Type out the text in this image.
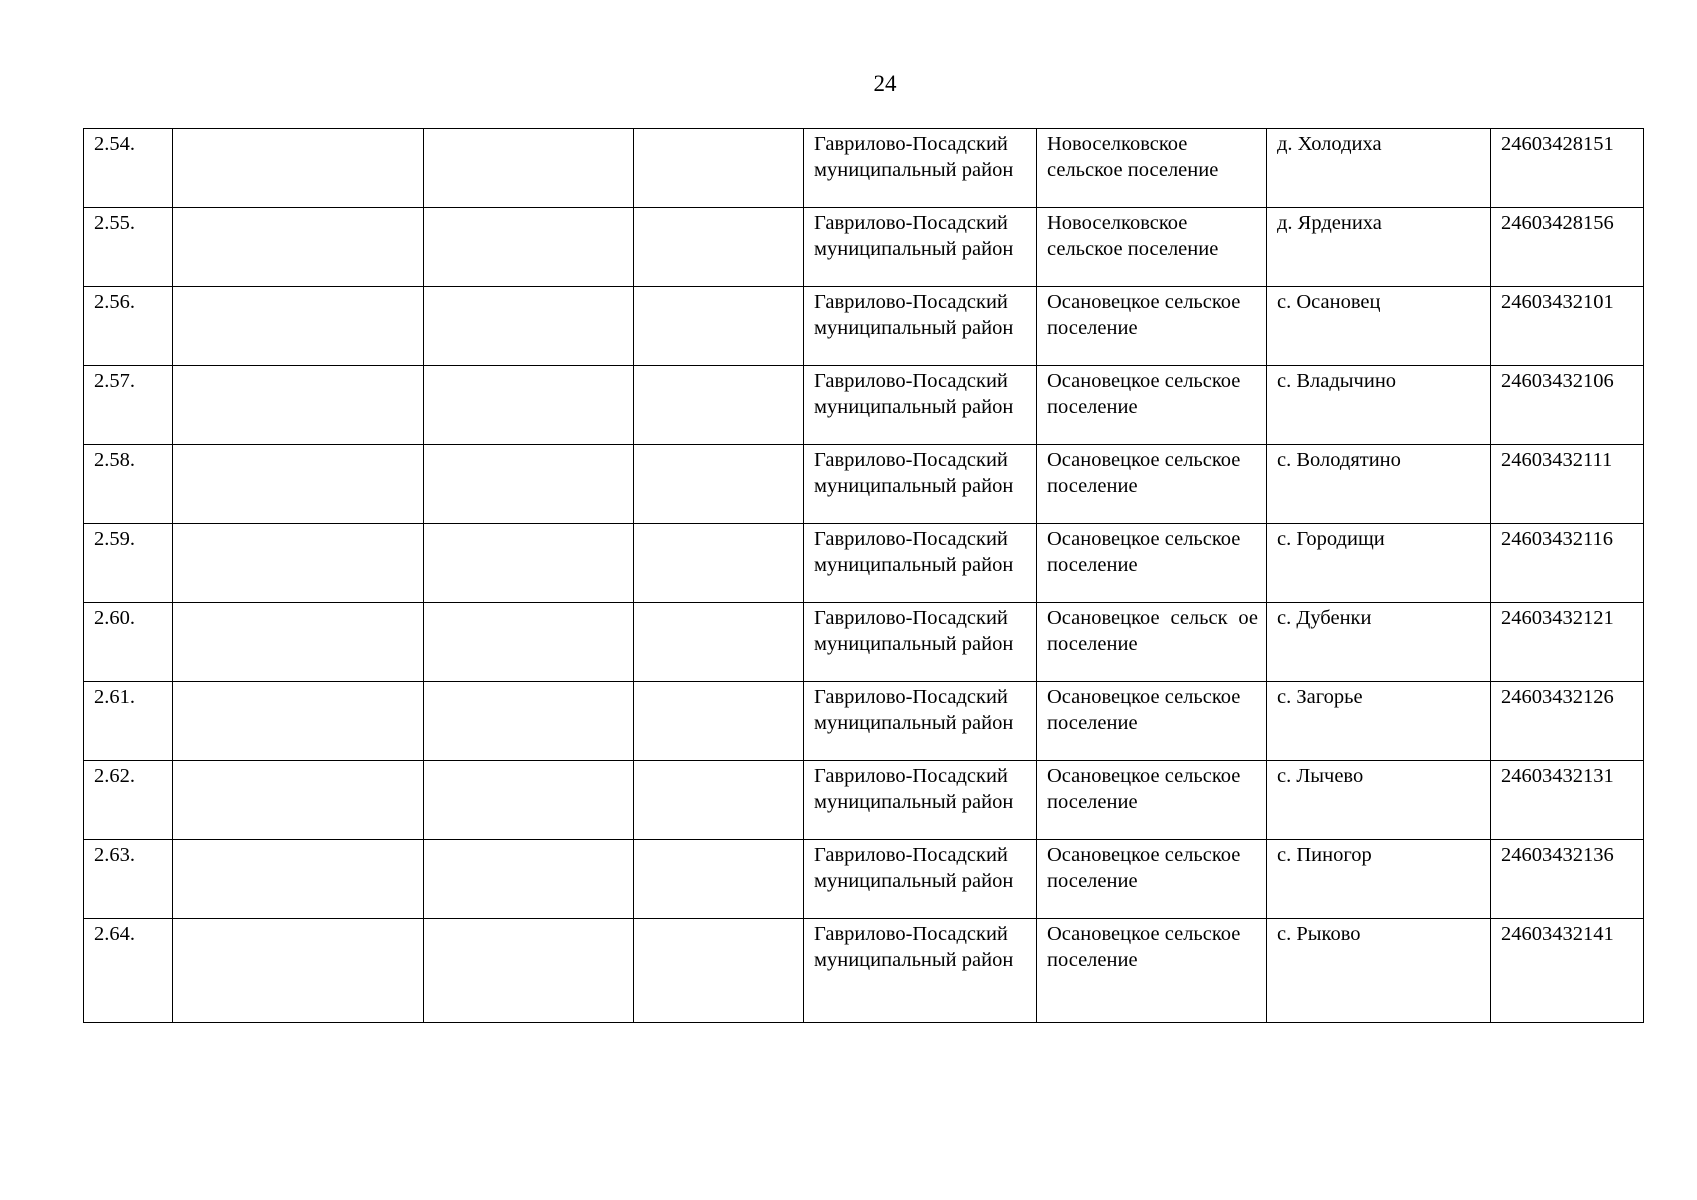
24
2.54.				Гаврилово-Посадский муниципальный район	Новоселковское сельское поселение	д. Холодиха	24603428151
2.55.				Гаврилово-Посадский муниципальный район	Новоселковское сельское поселение	д. Ярдениха	24603428156
2.56.				Гаврилово-Посадский муниципальный район	Осановецкое сельское поселение	с. Осановец	24603432101
2.57.				Гаврилово-Посадский муниципальный район	Осановецкое сельское поселение	с. Владычино	24603432106
2.58.				Гаврилово-Посадский муниципальный район	Осановецкое сельское поселение	с. Володятино	24603432111
2.59.				Гаврилово-Посадский муниципальный район	Осановецкое сельское поселение	с. Городищи	24603432116
2.60.				Гаврилово-Посадский муниципальный район	Осановецкое сельск ое поселение	с. Дубенки	24603432121
2.61.				Гаврилово-Посадский муниципальный район	Осановецкое сельское поселение	с. Загорье	24603432126
2.62.				Гаврилово-Посадский муниципальный район	Осановецкое сельское поселение	с. Лычево	24603432131
2.63.				Гаврилово-Посадский муниципальный район	Осановецкое сельское поселение	с. Пиногор	24603432136
2.64.				Гаврилово-Посадский муниципальный район	Осановецкое сельское поселение	с. Рыково	24603432141
